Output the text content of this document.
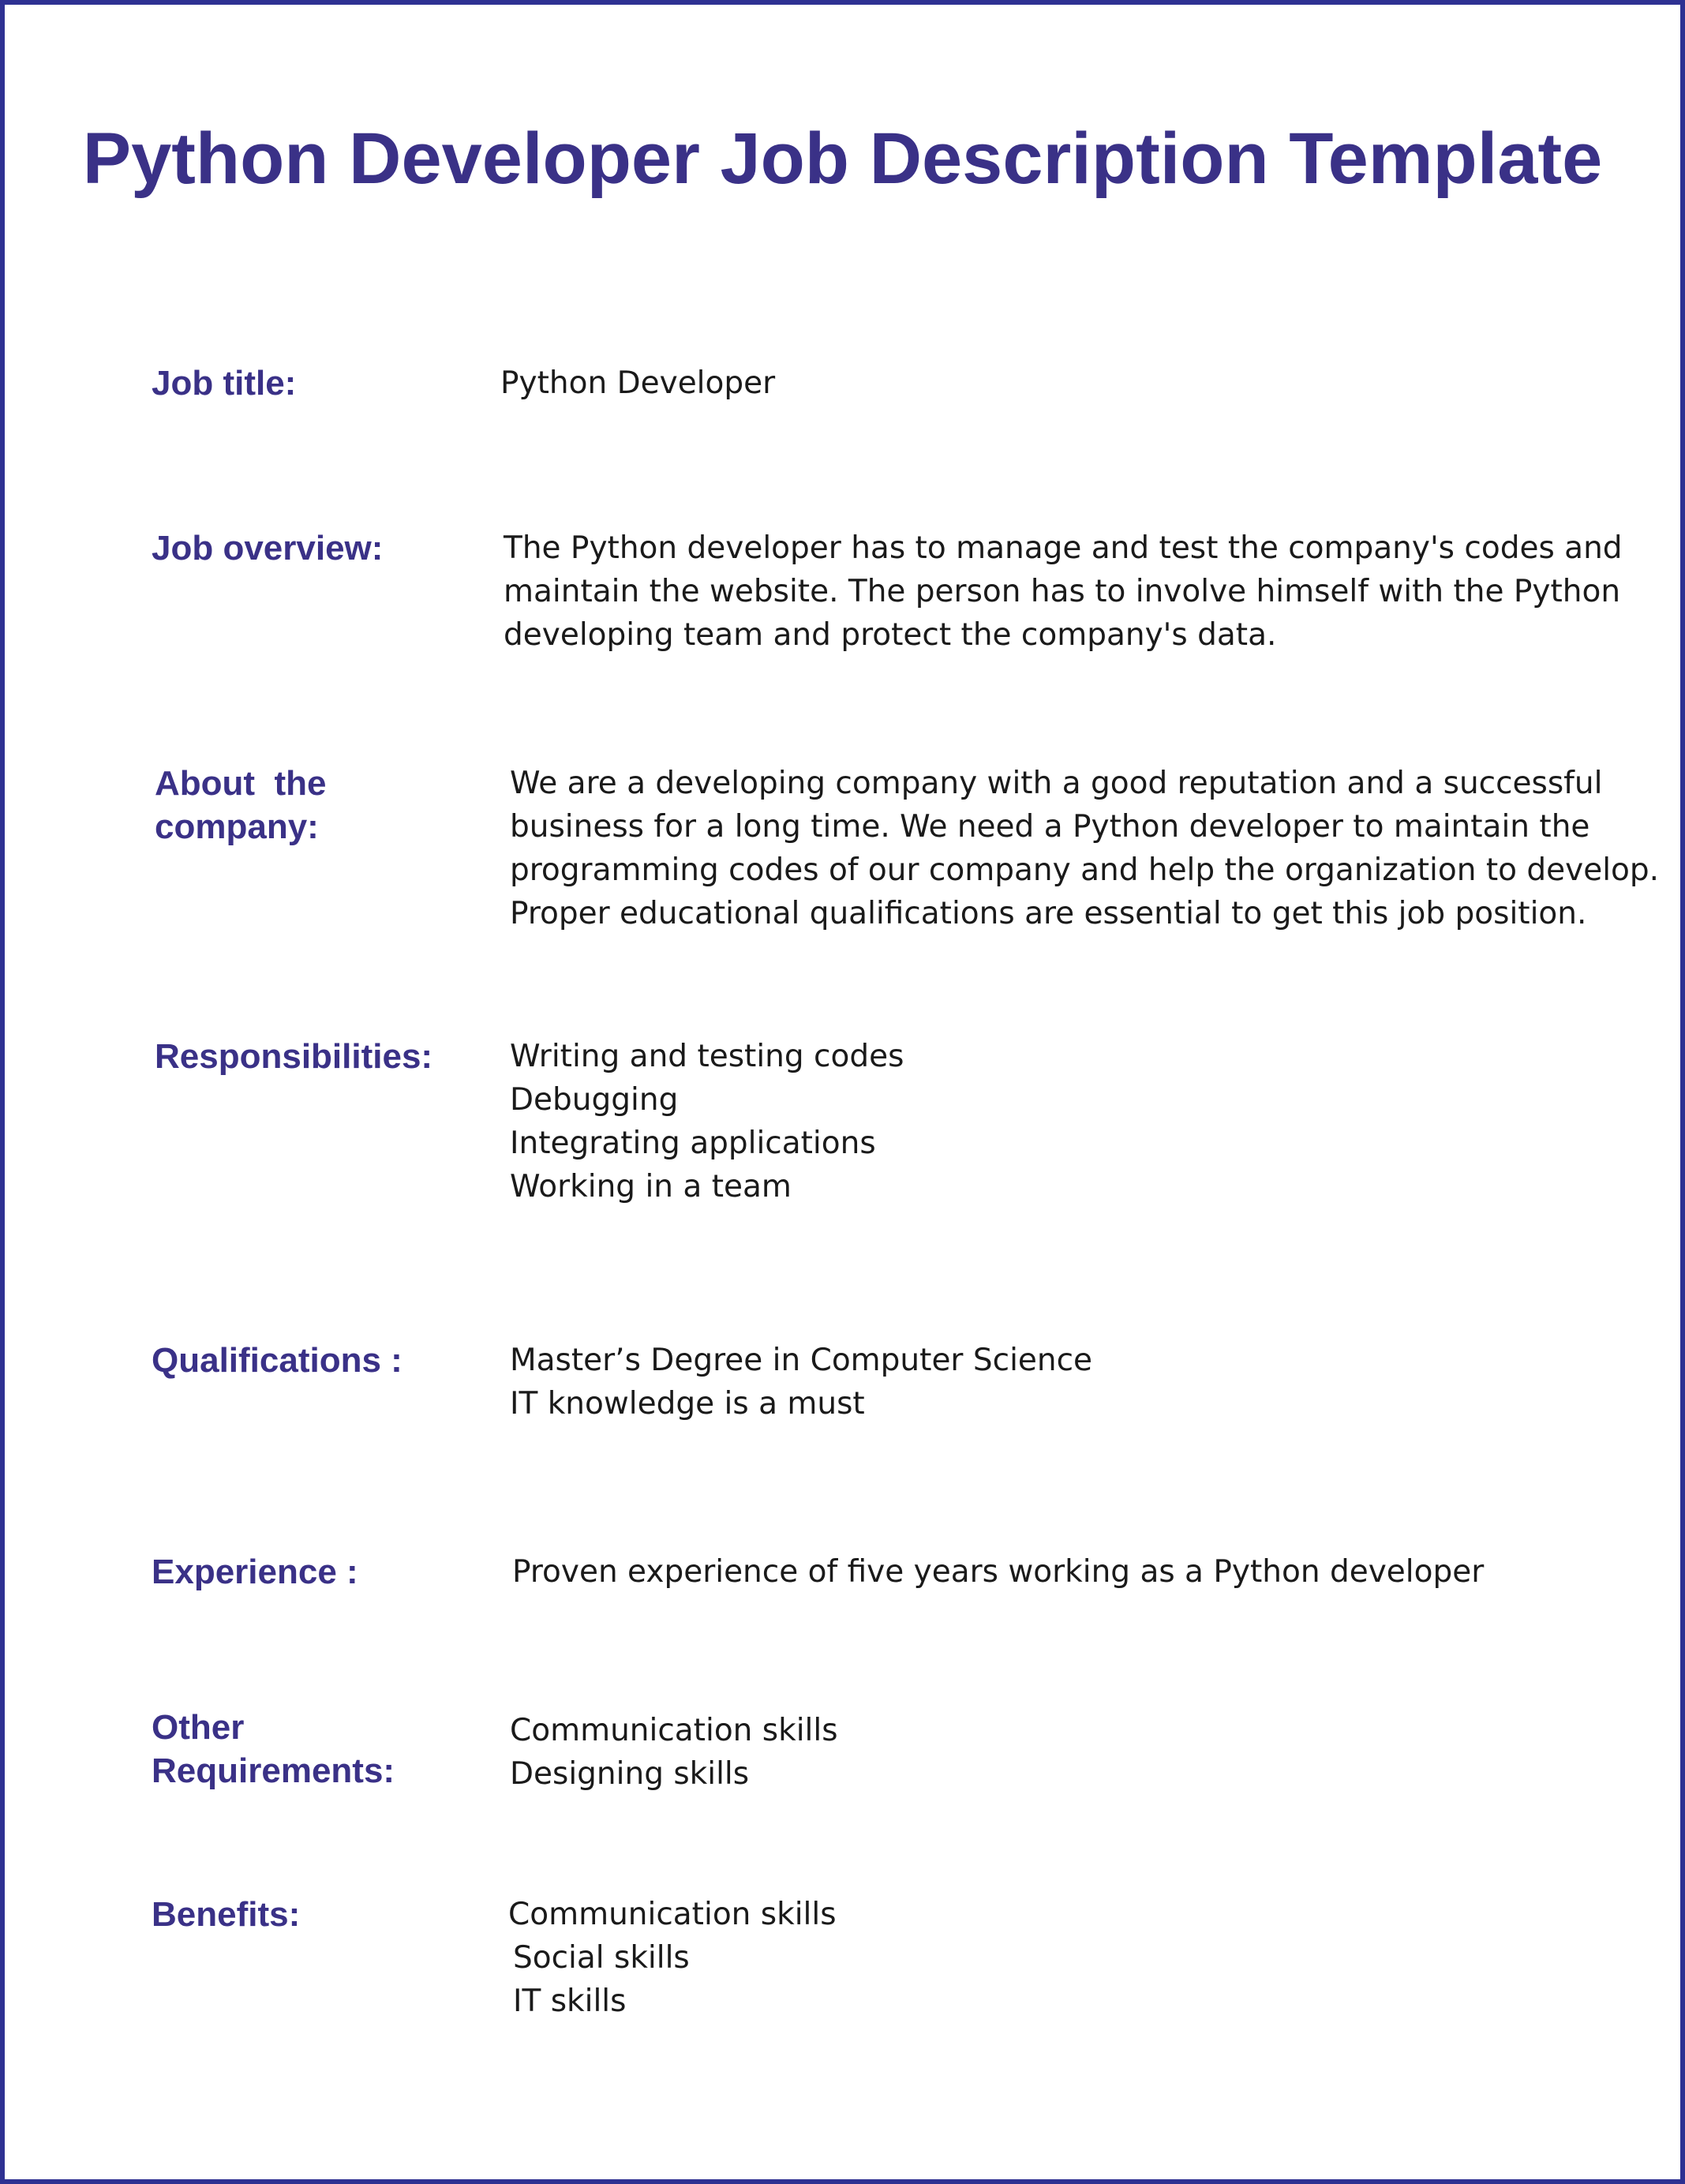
Python Developer Job Description Template
Job title:	Python Developer
Job overview:	The Python developer has to manage and test the company's codes and
maintain the website. The person has to involve himself with the Python
developing team and protect the company's data.
About  the
company:
We are a developing company with a good reputation and a successful
business for a long time. We need a Python developer to maintain the
programming codes of our company and help the organization to develop.
Proper educational qualifications are essential to get this job position.
Responsibilities:	Writing and testing codes
Debugging
Integrating applications
Working in a team
Qualifications :	Master’s Degree in Computer Science
IT knowledge is a must
Experience :	Proven experience of five years working as a Python developer
Other
Requirements:
Communication skills
Designing skills
Benefits:	Communication skills
Social skills
IT skills
